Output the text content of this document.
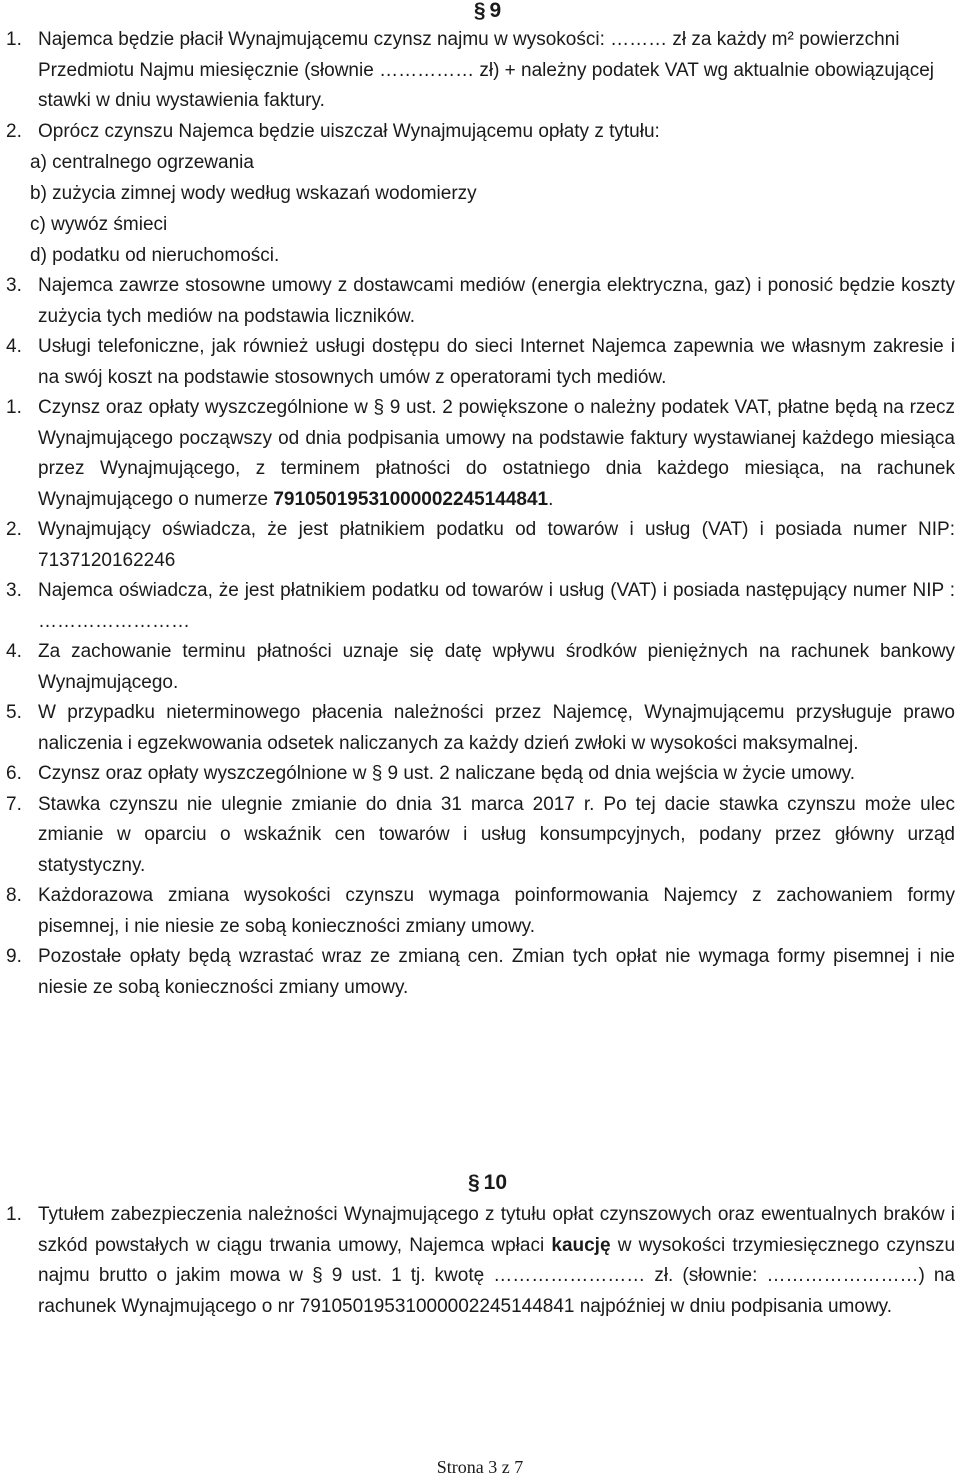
§ 9
1. Najemca będzie płacił Wynajmującemu czynsz najmu w wysokości: ……… zł za każdy m² powierzchni Przedmiotu Najmu miesięcznie (słownie …………… zł) + należny podatek VAT wg aktualnie obowiązującej stawki w dniu wystawienia faktury.
2. Oprócz czynszu Najemca będzie uiszczał Wynajmującemu opłaty z tytułu:
a) centralnego ogrzewania
b) zużycia zimnej wody według wskazań wodomierzy
c) wywóz śmieci
d) podatku od nieruchomości.
3. Najemca zawrze stosowne umowy z dostawcami mediów (energia elektryczna, gaz) i ponosić będzie koszty zużycia tych mediów na podstawia liczników.
4. Usługi telefoniczne, jak również usługi dostępu do sieci Internet Najemca zapewnia we własnym zakresie i na swój koszt na podstawie stosownych umów z operatorami tych mediów.
1. Czynsz oraz opłaty wyszczególnione w § 9 ust. 2 powiększone o należny podatek VAT, płatne będą na rzecz Wynajmującego począwszy od dnia podpisania umowy na podstawie faktury wystawianej każdego miesiąca przez Wynajmującego, z terminem płatności do ostatniego dnia każdego miesiąca, na rachunek Wynajmującego o numerze 79105019531000002245144841.
2. Wynajmujący oświadcza, że jest płatnikiem podatku od towarów i usług (VAT) i posiada numer NIP: 7137120162246
3. Najemca oświadcza, że jest płatnikiem podatku od towarów i usług (VAT) i posiada następujący numer NIP : ……………………
4. Za zachowanie terminu płatności uznaje się datę wpływu środków pieniężnych na rachunek bankowy Wynajmującego.
5. W przypadku nieterminowego płacenia należności przez Najemcę, Wynajmującemu przysługuje prawo naliczenia i egzekwowania odsetek naliczanych za każdy dzień zwłoki w wysokości maksymalnej.
6. Czynsz oraz opłaty wyszczególnione w § 9 ust. 2 naliczane będą od dnia wejścia w życie umowy.
7. Stawka czynszu nie ulegnie zmianie do dnia 31 marca 2017 r. Po tej dacie stawka czynszu może ulec zmianie w oparciu o wskaźnik cen towarów i usług konsumpcyjnych, podany przez główny urząd statystyczny.
8. Każdorazowa zmiana wysokości czynszu wymaga poinformowania Najemcy z zachowaniem formy pisemnej, i nie niesie ze sobą konieczności zmiany umowy.
9. Pozostałe opłaty będą wzrastać wraz ze zmianą cen. Zmian tych opłat nie wymaga formy pisemnej i nie niesie ze sobą konieczności zmiany umowy.
§ 10
1. Tytułem zabezpieczenia należności Wynajmującego z tytułu opłat czynszowych oraz ewentualnych braków i szkód powstałych w ciągu trwania umowy, Najemca wpłaci kaucję w wysokości trzymiesięcznego czynszu najmu brutto o jakim mowa w § 9 ust. 1 tj. kwotę …………………… zł. (słownie: ……………………) na rachunek Wynajmującego o nr 79105019531000002245144841 najpóźniej w dniu podpisania umowy.
Strona 3 z 7
